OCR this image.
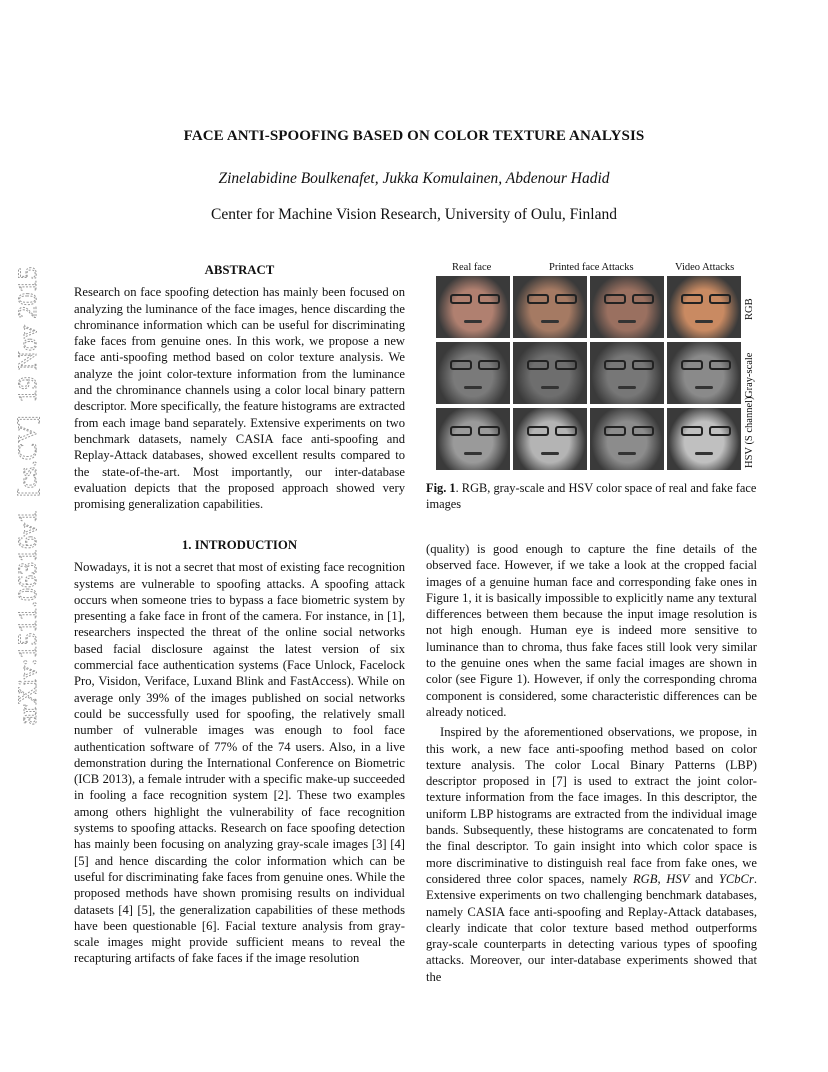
FACE ANTI-SPOOFING BASED ON COLOR TEXTURE ANALYSIS
Zinelabidine Boulkenafet, Jukka Komulainen, Abdenour Hadid
Center for Machine Vision Research, University of Oulu, Finland
arXiv:1511.06316v1  [cs.CV]  19 Nov 2015	ABSTRACT

Research on face spoofing detection has mainly been focused on analyzing the luminance of the face images, hence discarding the chrominance information which can be useful for discriminating fake faces from genuine ones. In this work, we propose a new face anti-spoofing method based on color texture analysis. We analyze the joint color-texture information from the luminance and the chrominance channels using a color local binary pattern descriptor. More specifically, the feature histograms are extracted from each image band separately. Extensive experiments on two benchmark datasets, namely CASIA face anti-spoofing and Replay-Attack databases, showed excellent results compared to the state-of-the-art. Most importantly, our inter-database evaluation depicts that the proposed approach showed very promising generalization capabilities.

1. INTRODUCTION

Nowadays, it is not a secret that most of existing face recognition systems are vulnerable to spoofing attacks. A spoofing attack occurs when someone tries to bypass a face biometric system by presenting a fake face in front of the camera. For instance, in [1], researchers inspected the threat of the online social networks based facial disclosure against the latest version of six commercial face authentication systems (Face Unlock, Facelock Pro, Visidon, Veriface, Luxand Blink and FastAccess). While on average only 39% of the images published on social networks could be successfully used for spoofing, the relatively small number of vulnerable images was enough to fool face authentication software of 77% of the 74 users. Also, in a live demonstration during the International Conference on Biometric (ICB 2013), a female intruder with a specific make-up succeeded in fooling a face recognition system [2]. These two examples among others highlight the vulnerability of face recognition systems to spoofing attacks. Research on face spoofing detection has mainly been focusing on analyzing gray-scale images [3] [4] [5] and hence discarding the color information which can be useful for discriminating fake faces from genuine ones. While the proposed methods have shown promising results on individual datasets [4] [5], the generalization capabilities of these methods have been questionable [6]. Facial texture analysis from gray-scale images might provide sufficient means to reveal the recapturing artifacts of fake faces if the image resolution

Real face	Printed face Attacks	Video Attacks
RGB
Gray-scale
HSV (S channel)
Fig. 1. RGB, gray-scale and HSV color space of real and fake face images

(quality) is good enough to capture the fine details of the observed face. However, if we take a look at the cropped facial images of a genuine human face and corresponding fake ones in Figure 1, it is basically impossible to explicitly name any textural differences between them because the input image resolution is not high enough. Human eye is indeed more sensitive to luminance than to chroma, thus fake faces still look very similar to the genuine ones when the same facial images are shown in color (see Figure 1). However, if only the corresponding chroma component is considered, some characteristic differences can be already noticed.

Inspired by the aforementioned observations, we propose, in this work, a new face anti-spoofing method based on color texture analysis. The color Local Binary Patterns (LBP) descriptor proposed in [7] is used to extract the joint color-texture information from the face images. In this descriptor, the uniform LBP histograms are extracted from the individual image bands. Subsequently, these histograms are concatenated to form the final descriptor. To gain insight into which color space is more discriminative to distinguish real face from fake ones, we considered three color spaces, namely RGB, HSV and YCbCr. Extensive experiments on two challenging benchmark databases, namely CASIA face anti-spoofing and Replay-Attack databases, clearly indicate that color texture based method outperforms gray-scale counterparts in detecting various types of spoofing attacks. Moreover, our inter-database experiments showed that the
